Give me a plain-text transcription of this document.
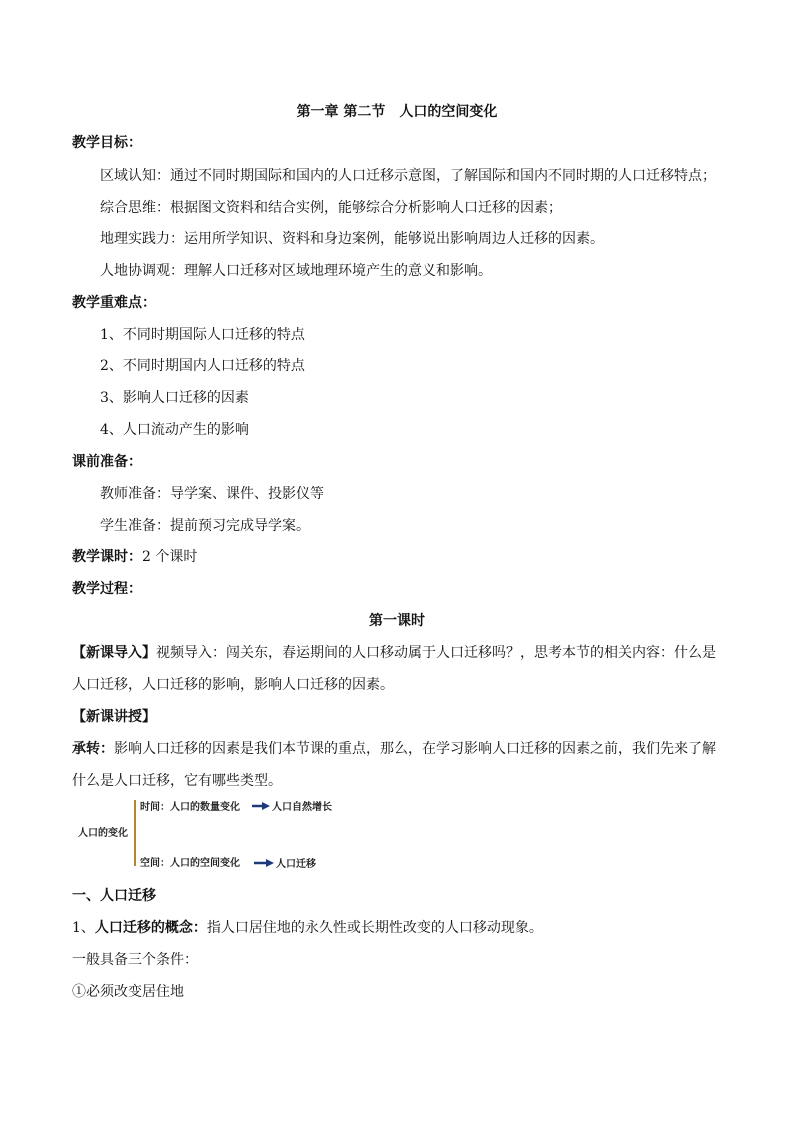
第一章 第二节　人口的空间变化
教学目标：
区域认知：通过不同时期国际和国内的人口迁移示意图，了解国际和国内不同时期的人口迁移特点；
综合思维：根据图文资料和结合实例，能够综合分析影响人口迁移的因素；
地理实践力：运用所学知识、资料和身边案例，能够说出影响周边人迁移的因素。
人地协调观：理解人口迁移对区域地理环境产生的意义和影响。
教学重难点：
1、不同时期国际人口迁移的特点
2、不同时期国内人口迁移的特点
3、影响人口迁移的因素
4、人口流动产生的影响
课前准备：
教师准备：导学案、课件、投影仪等
学生准备：提前预习完成导学案。
教学课时：2 个课时
教学过程：
第一课时
【新课导入】视频导入：闯关东，春运期间的人口移动属于人口迁移吗？，思考本节的相关内容：什么是
人口迁移，人口迁移的影响，影响人口迁移的因素。
【新课讲授】
承转：影响人口迁移的因素是我们本节课的重点，那么，在学习影响人口迁移的因素之前，我们先来了解
什么是人口迁移，它有哪些类型。
人口的变化
时间：人口的数量变化	人口自然增长
空间：人口的空间变化	人口迁移
一、人口迁移
1、人口迁移的概念：指人口居住地的永久性或长期性改变的人口移动现象。
一般具备三个条件：
①必须改变居住地
